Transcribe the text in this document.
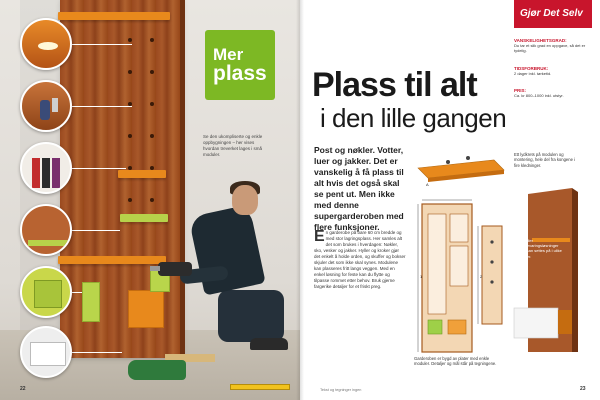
Mer
plass
Se den ukompliserte og enkle oppbygningen – her vises hvordan treverket lages i små moduler.
22
Gjør Det Selv
VANSKELIGHETSGRAD:
Du tar et slik grad en oppgave, så det er tydelig.
TIDSFORBRUK:
2 dager inkl. tørketid.
PRIS:
Ca. kr 800–1000 inkl. utstyr.
Plass til alt
i den lille gangen
Post og nøkler. Votter, luer og jakker. Det er vanskelig å få plass til alt hvis det også skal se pent ut. Men ikke med denne supergarderoben med flere funksjoner.
En garderobe på bare 60 cm bredde og med stor lagringsplass. Her samles alt det som brukes i hverdagen: Nøkler, sko, vesker og jakker. Hyller og kroker gjør det enkelt å holde orden, og skuffer og bokser skjuler det som ikke skal synes. Modulene kan plasseres fritt langs veggen. Med en enkel løsning for feste kan du flytte og tilpasse rommet etter behov. Bruk gjerne fargerike detaljer for et friskt preg.
A
1	2
Garderoben er bygd av plater med enkle moduler. Detaljer og mål står på tegningene.
Ett lydkrets på modulen og montering, hele del fra kongene i fire kledninger.
Lyd eller oppbevaringsløsninger som kan settes på i ulike høyder.
Tekst og tegninger ingen	23
